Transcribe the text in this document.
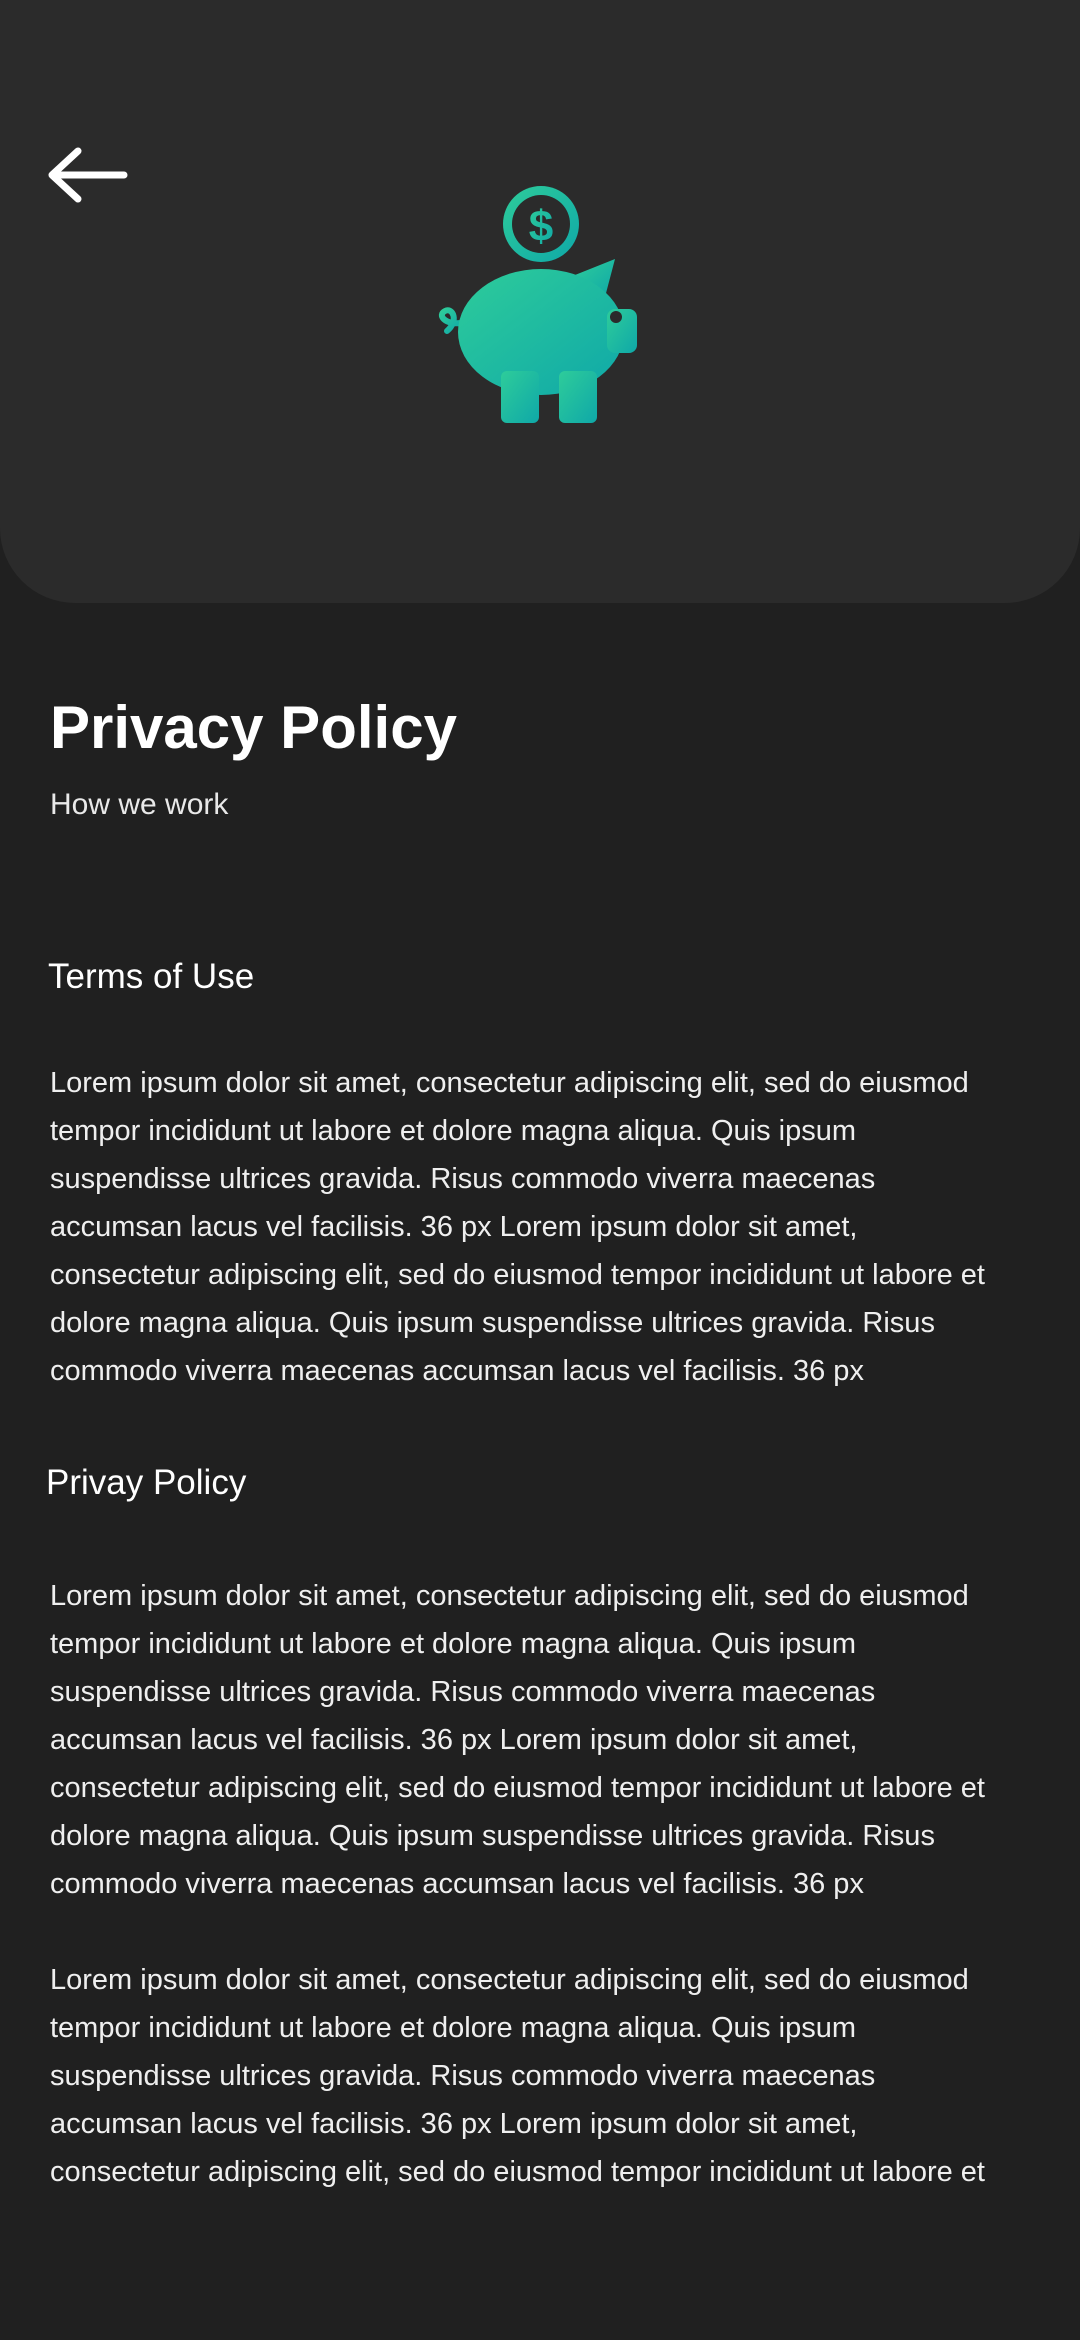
$
Privacy Policy

How we work

Terms of Use

Lorem ipsum dolor sit amet, consectetur adipiscing elit, sed do eiusmod tempor incididunt ut labore et dolore magna aliqua. Quis ipsum suspendisse ultrices gravida. Risus commodo viverra maecenas accumsan lacus vel facilisis. 36 px Lorem ipsum dolor sit amet, consectetur adipiscing elit, sed do eiusmod tempor incididunt ut labore et dolore magna aliqua. Quis ipsum suspendisse ultrices gravida. Risus commodo viverra maecenas accumsan lacus vel facilisis. 36 px

Privay Policy

Lorem ipsum dolor sit amet, consectetur adipiscing elit, sed do eiusmod tempor incididunt ut labore et dolore magna aliqua. Quis ipsum suspendisse ultrices gravida. Risus commodo viverra maecenas accumsan lacus vel facilisis. 36 px Lorem ipsum dolor sit amet, consectetur adipiscing elit, sed do eiusmod tempor incididunt ut labore et dolore magna aliqua. Quis ipsum suspendisse ultrices gravida. Risus commodo viverra maecenas accumsan lacus vel facilisis. 36 px

Lorem ipsum dolor sit amet, consectetur adipiscing elit, sed do eiusmod tempor incididunt ut labore et dolore magna aliqua. Quis ipsum suspendisse ultrices gravida. Risus commodo viverra maecenas accumsan lacus vel facilisis. 36 px Lorem ipsum dolor sit amet, consectetur adipiscing elit, sed do eiusmod tempor incididunt ut labore et
